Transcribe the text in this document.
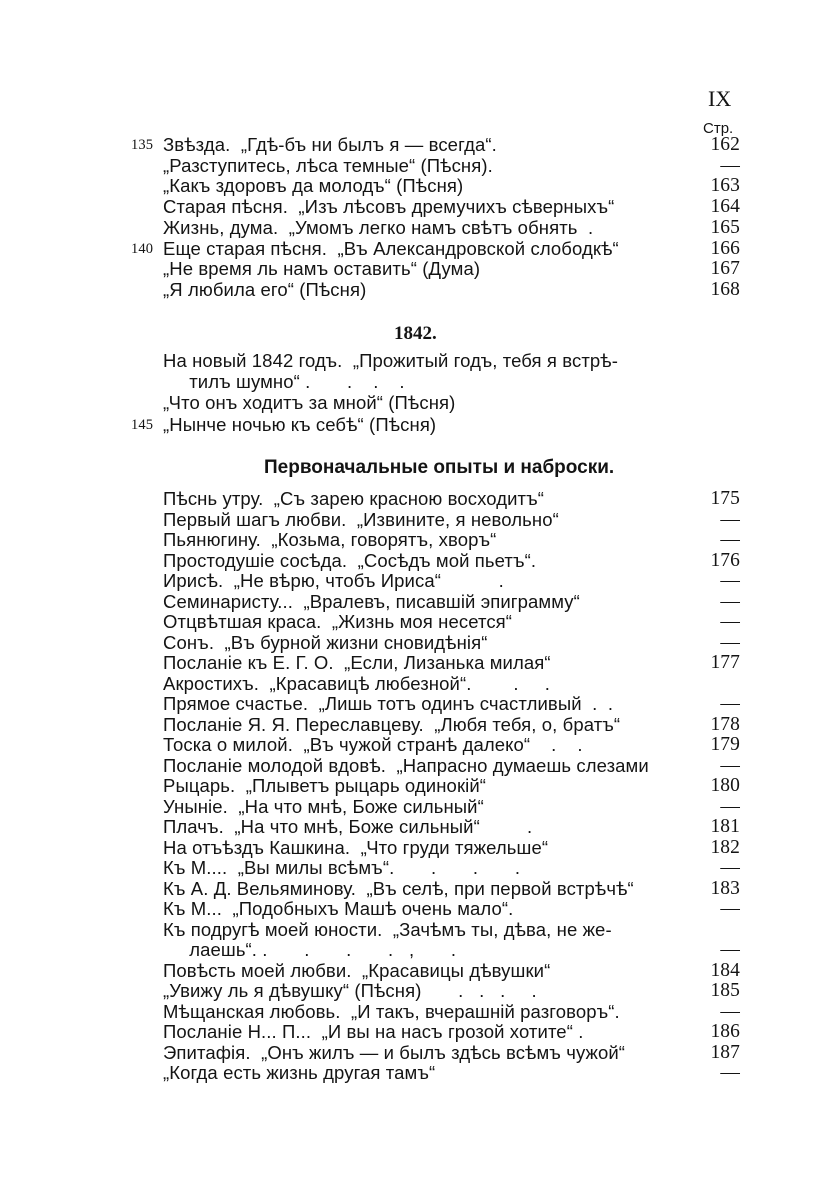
IX
Стр.
135 Звѣзда.  „Гдѣ-бъ ни былъ я — всегда“.	162
„Разступитесь, лѣса темные“ (Пѣсня).	—
„Какъ здоровъ да молодъ“ (Пѣсня)	163
Старая пѣсня.  „Изъ лѣсовъ дремучихъ сѣверныхъ“	164
Жизнь, дума.  „Умомъ легко намъ свѣтъ обнять  .	165
140 Еще старая пѣсня.  „Въ Александровской слободкѣ“	166
„Не время ль намъ оставить“ (Дума)	167
„Я любила его“ (Пѣсня)	168
1842.
На новый 1842 годъ.  „Прожитый годъ, тебя я встрѣ-
тилъ шумно“ .       .    .    .
„Что онъ ходитъ за мной“ (Пѣсня)
145 „Нынче ночью къ себѣ“ (Пѣсня)
Первоначальные опыты и наброски.
Пѣснь утру.  „Съ зарею красною восходитъ“	175
Первый шагъ любви.  „Извините, я невольно“	—
Пьянюгину.  „Козьма, говорятъ, хворъ“	—
Простодушіе сосѣда.  „Сосѣдъ мой пьетъ“.	176
Ирисѣ.  „Не вѣрю, чтобъ Ириса“           .	—
Семинаристу...  „Вралевъ, писавшій эпиграмму“	—
Отцвѣтшая краса.  „Жизнь моя несется“	—
Сонъ.  „Въ бурной жизни сновидѣнія“	—
Посланіе къ Е. Г. О.  „Если, Лизанька милая“	177
Акростихъ.  „Красавицѣ любезной“.        .     .
Прямое счастье.  „Лишь тотъ одинъ счастливый  .  .	—
Посланіе Я. Я. Переславцеву.  „Любя тебя, о, братъ“	178
Тоска о милой.  „Въ чужой странѣ далеко“    .    .	179
Посланіе молодой вдовѣ.  „Напрасно думаешь слезами	—
Рыцарь.  „Плыветъ рыцарь одинокій“	180
Уныніе.  „На что мнѣ, Боже сильный“	—
Плачъ.  „На что мнѣ, Боже сильный“         .	181
На отъѣздъ Кашкина.  „Что груди тяжельше“	182
Къ М....  „Вы милы всѣмъ“.       .       .       .	—
Къ А. Д. Вельяминову.  „Въ селѣ, при первой встрѣчѣ“	183
Къ М...  „Подобныхъ Машѣ очень мало“.	—
Къ подругѣ моей юности.  „Зачѣмъ ты, дѣва, не же-
лаешь“. .       .       .       .   ,       .	—
Повѣсть моей любви.  „Красавицы дѣвушки“	184
„Увижу ль я дѣвушку“ (Пѣсня)       .   .   .     .	185
Мѣщанская любовь.  „И такъ, вчерашній разговоръ“.	—
Посланіе Н... П...  „И вы на насъ грозой хотите“ .	186
Эпитафія.  „Онъ жилъ — и былъ здѣсь всѣмъ чужой“	187
„Когда есть жизнь другая тамъ“	—
